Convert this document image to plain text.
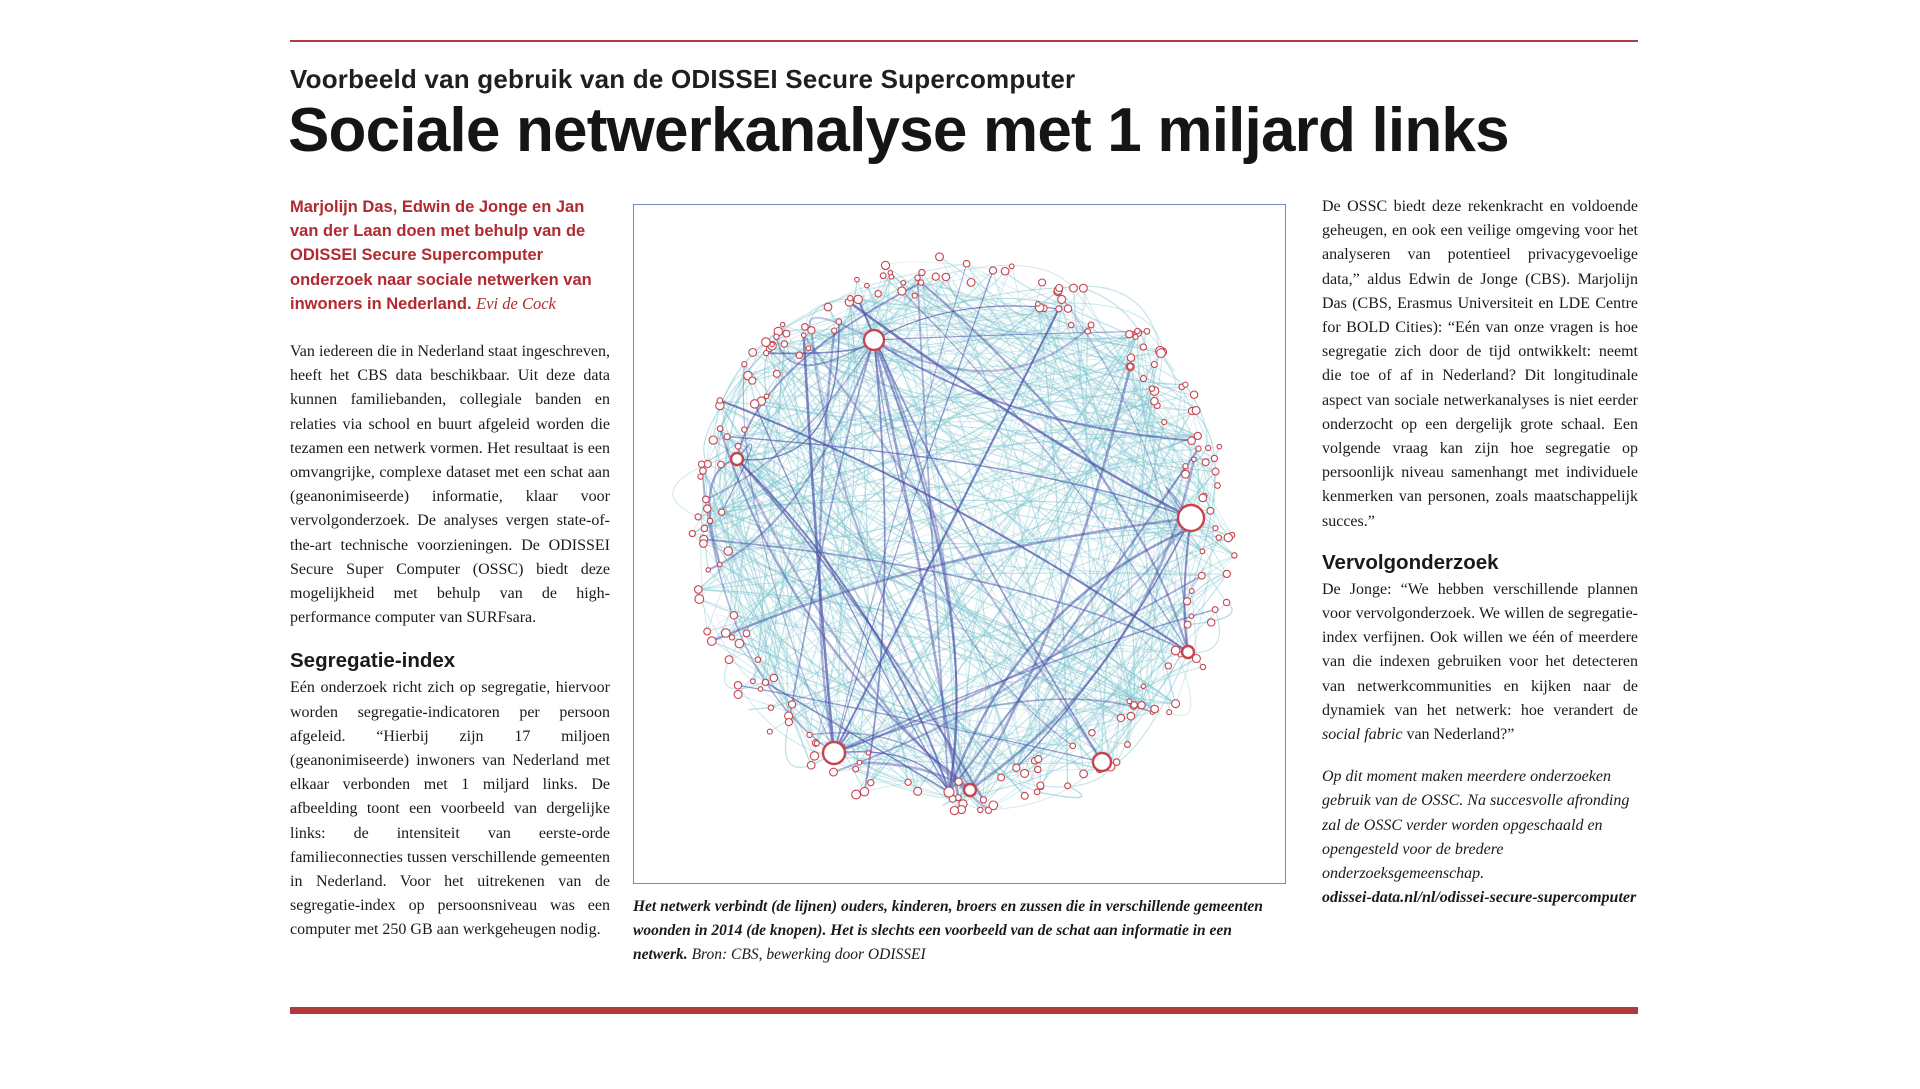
Voorbeeld van gebruik van de ODISSEI Secure Supercomputer
Sociale netwerkanalyse met 1 miljard links

Marjolijn Das, Edwin de Jonge en Jan van der Laan doen met behulp van de ODISSEI Secure Supercomputer onderzoek naar sociale netwerken van inwoners in Nederland. Evi de Cock

Van iedereen die in Nederland staat ingeschreven, heeft het CBS data beschikbaar. Uit deze data kunnen familiebanden, collegiale banden en relaties via school en buurt afgeleid worden die tezamen een netwerk vormen. Het resultaat is een omvangrijke, complexe dataset met een schat aan (geanonimiseerde) informatie, klaar voor vervolgonderzoek. De analyses vergen state-of-the-art technische voorzieningen. De ODISSEI Secure Super Computer (OSSC) biedt deze mogelijkheid met behulp van de high-performance computer van SURFsara.

Segregatie-index

Eén onderzoek richt zich op segregatie, hiervoor worden segregatie-indicatoren per persoon afgeleid. “Hierbij zijn 17 miljoen (geanonimiseerde) inwoners van Nederland met elkaar verbonden met 1 miljard links. De afbeelding toont een voorbeeld van dergelijke links: de intensiteit van eerste-orde familieconnecties tussen verschillende gemeenten in Nederland. Voor het uitrekenen van de segregatie-index op persoonsniveau was een computer met 250 GB aan werkgeheugen nodig.

Het netwerk verbindt (de lijnen) ouders, kinderen, broers en zussen die in verschillende gemeenten woonden in 2014 (de knopen). Het is slechts een voorbeeld van de schat aan informatie in een netwerk. Bron: CBS, bewerking door ODISSEI

De OSSC biedt deze rekenkracht en voldoende geheugen, en ook een veilige omgeving voor het analyseren van potentieel privacygevoelige data,” aldus Edwin de Jonge (CBS). Marjolijn Das (CBS, Erasmus Universiteit en LDE Centre for BOLD Cities): “Eén van onze vragen is hoe segregatie zich door de tijd ontwikkelt: neemt die toe of af in Nederland? Dit longitudinale aspect van sociale netwerkanalyses is niet eerder onderzocht op een dergelijk grote schaal. Een volgende vraag kan zijn hoe segregatie op persoonlijk niveau samenhangt met individuele kenmerken van personen, zoals maatschappelijk succes.”

Vervolgonderzoek

De Jonge: “We hebben verschillende plannen voor vervolgonderzoek. We willen de segregatie-index verfijnen. Ook willen we één of meerdere van die indexen gebruiken voor het detecteren van netwerkcommunities en kijken naar de dynamiek van het netwerk: hoe verandert de social fabric van Nederland?”

Op dit moment maken meerdere onderzoeken gebruik van de OSSC. Na succesvolle afronding zal de OSSC verder worden opgeschaald en opengesteld voor de bredere onderzoeksgemeenschap.

odissei-data.nl/nl/odissei-secure-supercomputer
